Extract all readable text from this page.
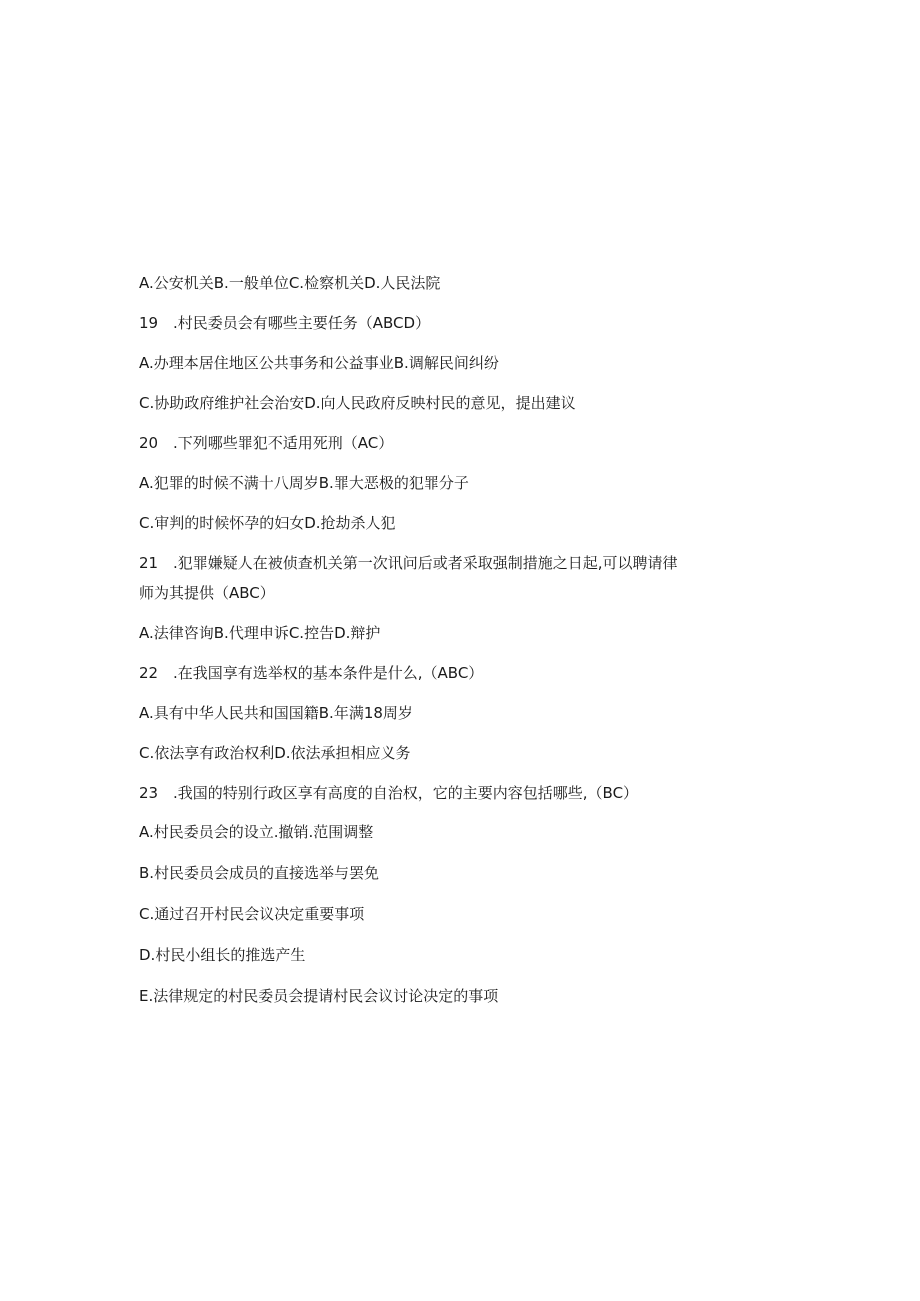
A.公安机关B.一般单位C.检察机关D.人民法院
19 .村民委员会有哪些主要任务（ABCD）
A.办理本居住地区公共事务和公益事业B.调解民间纠纷
C.协助政府维护社会治安D.向人民政府反映村民的意见，提出建议
20 .下列哪些罪犯不适用死刑（AC）
A.犯罪的时候不满十八周岁B.罪大恶极的犯罪分子
C.审判的时候怀孕的妇女D.抢劫杀人犯
21 .犯罪嫌疑人在被侦查机关第一次讯问后或者采取强制措施之日起,可以聘请律
师为其提供（ABC）
A.法律咨询B.代理申诉C.控告D.辩护
22 .在我国享有选举权的基本条件是什么,（ABC）
A.具有中华人民共和国国籍B.年满18周岁
C.依法享有政治权利D.依法承担相应义务
23 .我国的特别行政区享有高度的自治权，它的主要内容包括哪些,（BC）
A.村民委员会的设立.撤销.范围调整
B.村民委员会成员的直接选举与罢免
C.通过召开村民会议决定重要事项
D.村民小组长的推选产生
E.法律规定的村民委员会提请村民会议讨论决定的事项
